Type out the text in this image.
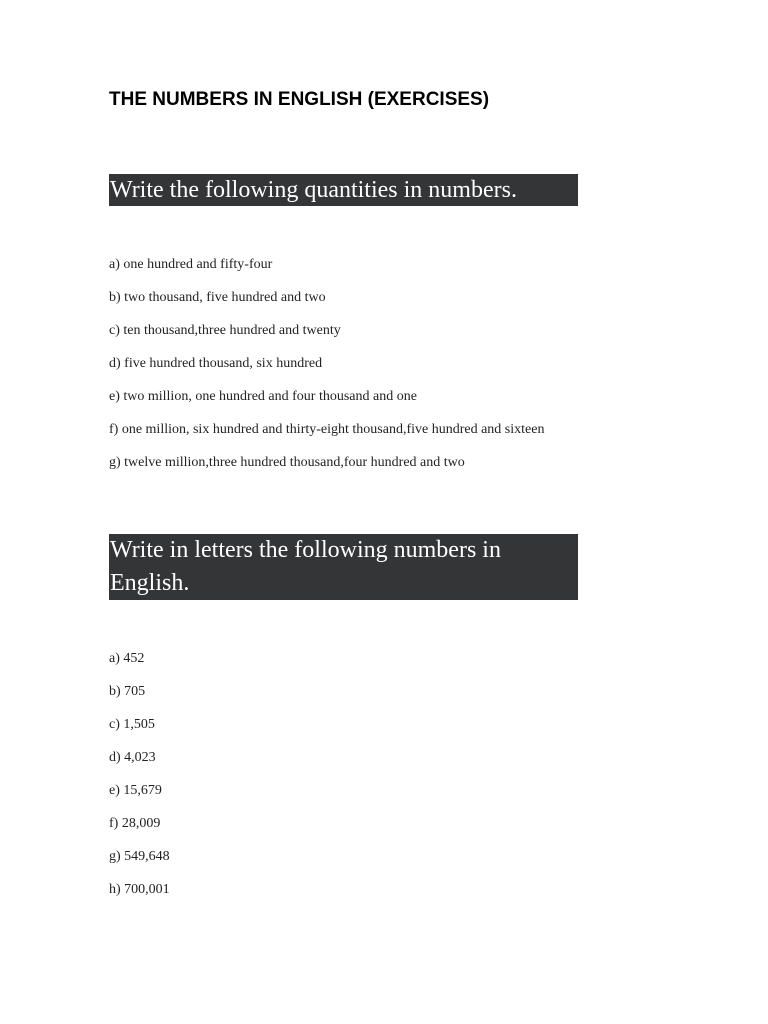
THE NUMBERS IN ENGLISH (EXERCISES)
Write the following quantities in numbers.
a) one hundred and fifty-four
b) two thousand, five hundred and two
c) ten thousand,three hundred and twenty
d) five hundred thousand, six hundred
e) two million, one hundred and four thousand and one
f) one million, six hundred and thirty-eight thousand,five hundred and sixteen
g) twelve million,three hundred thousand,four hundred and two
Write in letters the following numbers in English.
a) 452
b) 705
c) 1,505
d) 4,023
e) 15,679
f) 28,009
g) 549,648
h) 700,001
